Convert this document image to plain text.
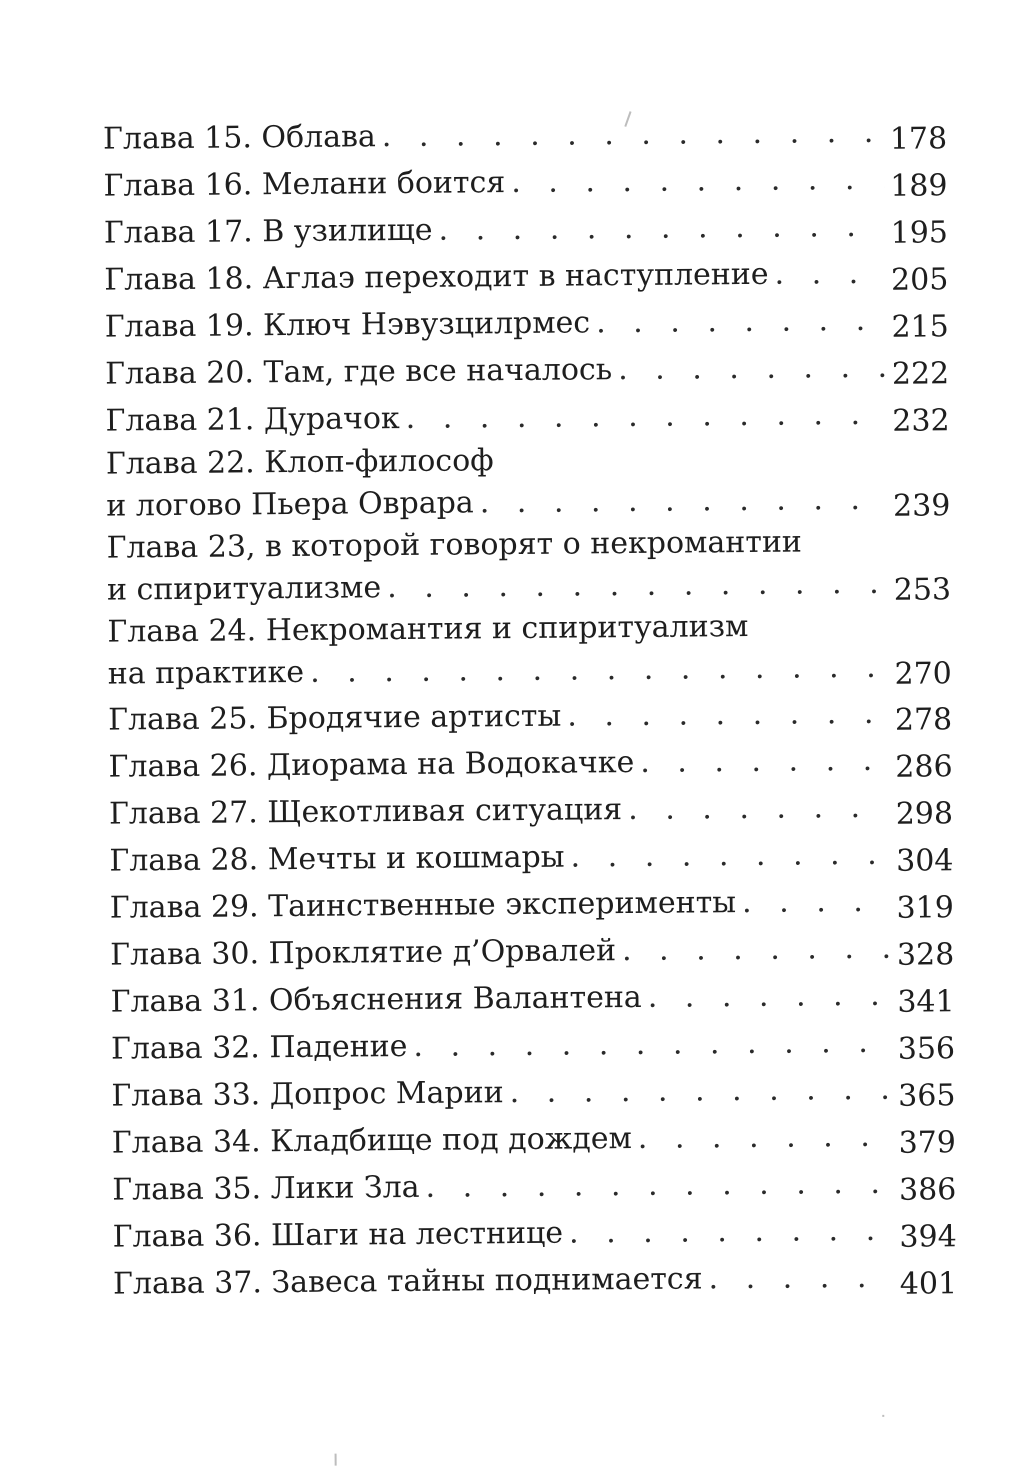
Глава 15. Облава . . .	178
Глава 16. Мелани боится . . .	189
Глава 17. В узилище . . .	195
Глава 18. Аглаэ переходит в наступление . . .	205
Глава 19. Ключ Нэвузцилрмес . . .	215
Глава 20. Там, где все началось . . .	222
Глава 21. Дурачок . . .	232
Глава 22. Клоп-философ
и логово Пьера Оврара . . .	239
Глава 23, в которой говорят о некромантии
и спиритуализме . . .	253
Глава 24. Некромантия и спиритуализм
на практике . . .	270
Глава 25. Бродячие артисты . . .	278
Глава 26. Диорама на Водокачке . . .	286
Глава 27. Щекотливая ситуация . . .	298
Глава 28. Мечты и кошмары . . .	304
Глава 29. Таинственные эксперименты . . .	319
Глава 30. Проклятие д’Орвалей . . .	328
Глава 31. Объяснения Валантена . . .	341
Глава 32. Падение . . .	356
Глава 33. Допрос Марии . . .	365
Глава 34. Кладбище под дождем . . .	379
Глава 35. Лики Зла . . .	386
Глава 36. Шаги на лестнице . . .	394
Глава 37. Завеса тайны поднимается . . .	401
